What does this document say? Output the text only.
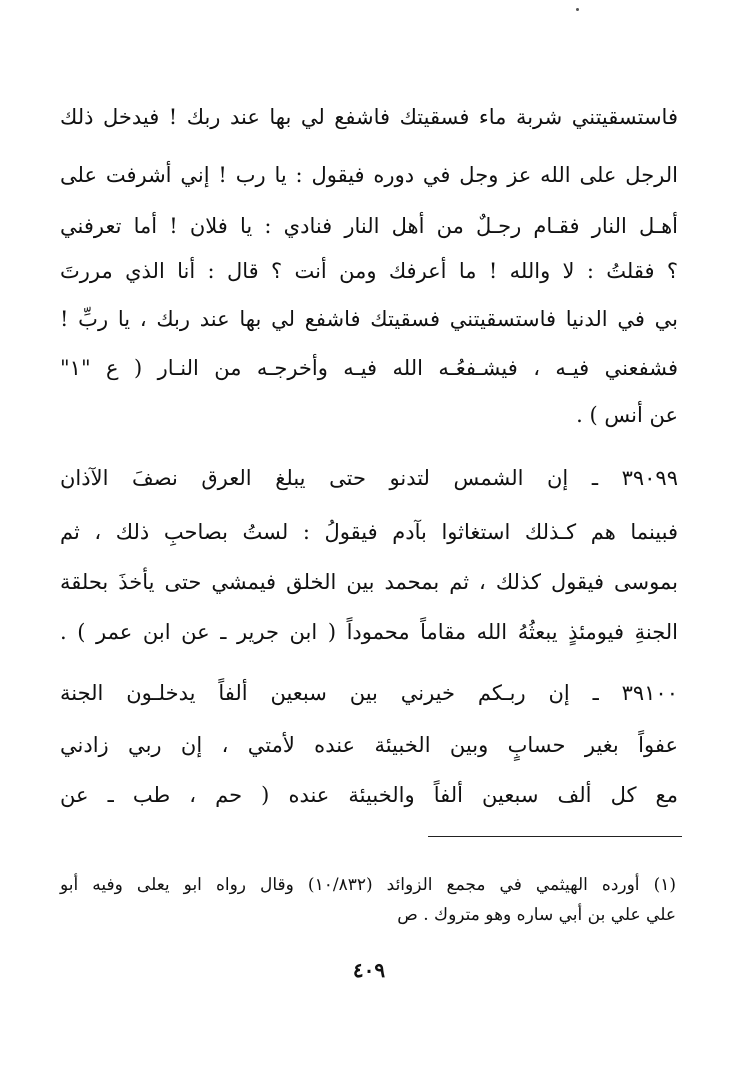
فاستسقيتني شربة ماء فسقيتك فاشفع لي بها عند ربك ! فيدخل ذلك
الرجل على الله عز وجل في دوره فيقول : يا رب ! إني أشرفت على
أهـل النار فقـام رجـلٌ من أهل النار فنادي : يا فلان ! أما تعرفني
؟ فقلتُ : لا والله ! ما أعرفك ومن أنت ؟ قال : أنا الذي مررتَ
بي في الدنيا فاستسقيتني فسقيتك فاشفع لي بها عند ربك ، يا ربِّ !
فشفعني فيـه ، فيشـفعُـه الله فيـه وأخرجـه من النـار ( ع "١"
عن أنس ) .
٣٩٠٩٩ ـ إن الشمس لتدنو حتى يبلغ العرق نصفَ الآذان
فبينما هم كـذلك استغاثوا بآدم فيقولُ : لستُ بصاحبِ ذلك ، ثم
بموسى فيقول كذلك ، ثم بمحمد بين الخلق فيمشي حتى يأخذَ بحلقة
الجنةِ فيومئذٍ يبعثُهُ الله مقاماً محموداً ( ابن جرير ـ عن ابن عمر ) .
٣٩١٠٠ ـ إن ربـكم خيرني بين سبعين ألفاً يدخلـون الجنة
عفواً بغير حسابٍ وبين الخبيئة عنده لأمتي ، إن ربي زادني
مع كل ألف سبعين ألفاً والخبيئة عنده ( حم ، طب ـ عن
(١) أورده الهيثمي في مجمع الزوائد (١٠/٨٣٢) وقال رواه ابو يعلى وفيه أبو
علي علي بن أبي ساره وهو متروك . ص
٤٠٩
